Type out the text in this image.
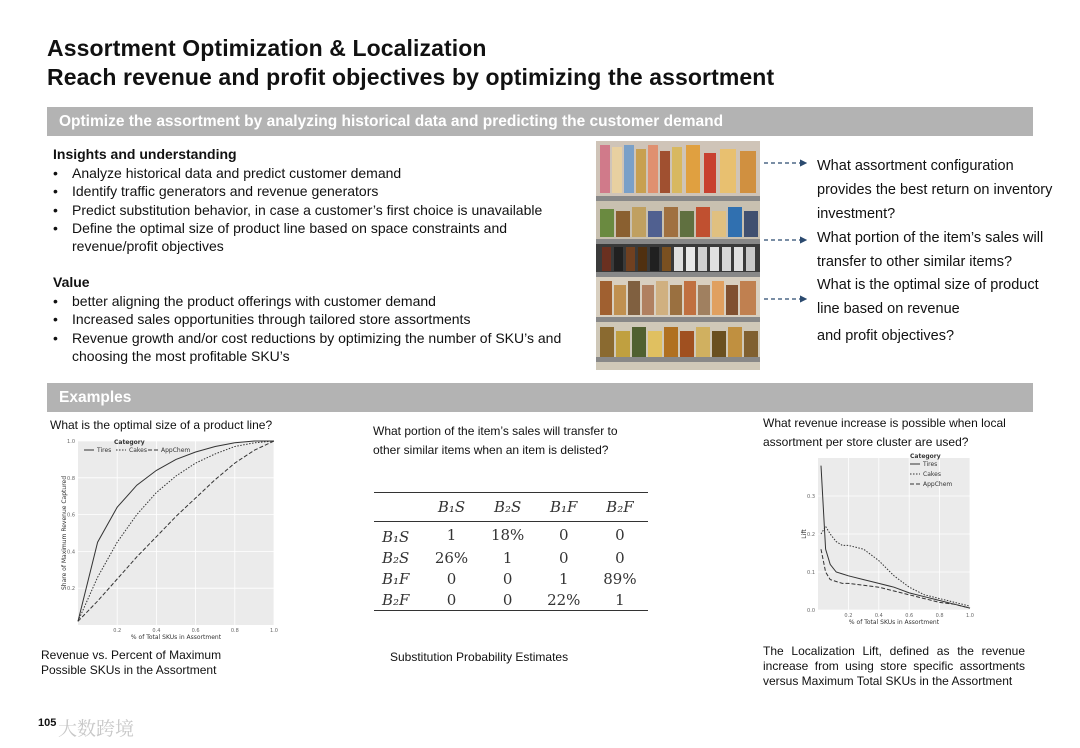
Assortment Optimization & Localization
Reach revenue and profit objectives by optimizing the assortment
Optimize the assortment by analyzing historical data and predicting the customer demand
Insights and understanding
• Analyze historical data and predict customer demand
• Identify traffic generators and revenue generators
• Predict substitution behavior, in case a customer’s first choice is unavailable
• Define the optimal size of product line based on space constraints and revenue/profit objectives
Value
• better aligning the product offerings with customer demand
• Increased sales opportunities through tailored store assortments
• Revenue growth and/or cost reductions by optimizing the number of SKU’s and choosing the most profitable SKU’s
What assortment configuration provides the best return on inventory investment?
What portion of the item’s sales will transfer to other similar items?
What is the optimal size of product line based on revenue
and profit objectives?
Examples
What is the optimal size of a product line?
0.2	0.4	0.6	0.8	1.0
0.2
0.4
0.6
0.8
1.0
% of Total SKUs in Assortment
Share of Maximum Revenue Captured
Category
Tires	Cakes AppChem
Revenue vs. Percent of Maximum Possible SKUs in the Assortment
What portion of the item’s sales will transfer to other similar items when an item is delisted?
	B₁S	B₂S	B₁F	B₂F
B₁S	1	18%	0	0
B₂S	26%	1	0	0
B₁F	0	0	1	89%
B₂F	0	0	22%	1
Substitution Probability Estimates
What revenue increase is possible when local assortment per store cluster are used?
0.2	0.4	0.6	0.8	1.0
0.0
0.1
0.2
0.3
% of Total SKUs in Assortment
Lift
Category
Tires
Cakes
AppChem
The Localization Lift, defined as the revenue increase from using store specific assortments versus Maximum Total SKUs in the Assortment
105 大数跨境
